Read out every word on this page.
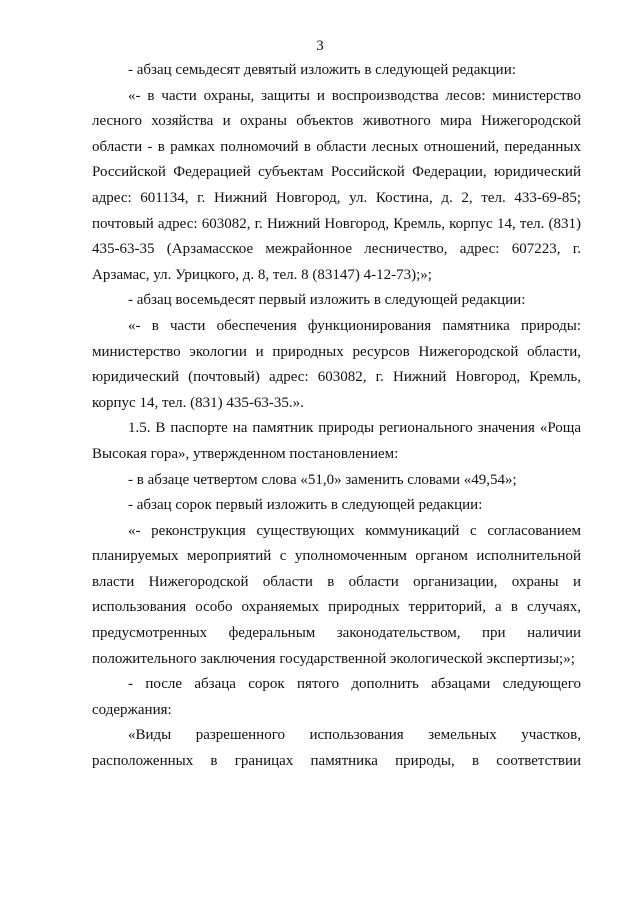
3

- абзац семьдесят девятый изложить в следующей редакции:

«- в части охраны, защиты и воспроизводства лесов: министерство лесного хозяйства и охраны объектов животного мира Нижегородской области - в рамках полномочий в области лесных отношений, переданных Российской Федерацией субъектам Российской Федерации, юридический адрес: 601134, г. Нижний Новгород, ул. Костина, д. 2, тел. 433-69-85; почтовый адрес: 603082, г. Нижний Новгород, Кремль, корпус 14, тел. (831) 435-63-35 (Арзамасское межрайонное лесничество, адрес: 607223, г. Арзамас, ул. Урицкого, д. 8, тел. 8 (83147) 4-12-73);»;

- абзац восемьдесят первый изложить в следующей редакции:

«- в части обеспечения функционирования памятника природы: министерство экологии и природных ресурсов Нижегородской области, юридический (почтовый) адрес: 603082, г. Нижний Новгород, Кремль, корпус 14, тел. (831) 435-63-35.».

1.5. В паспорте на памятник природы регионального значения «Роща Высокая гора», утвержденном постановлением:

- в абзаце четвертом слова «51,0» заменить словами «49,54»;

- абзац сорок первый изложить в следующей редакции:

«- реконструкция существующих коммуникаций с согласованием планируемых мероприятий с уполномоченным органом исполнительной власти Нижегородской области в области организации, охраны и использования особо охраняемых природных территорий, а в случаях, предусмотренных федеральным законодательством, при наличии положительного заключения государственной экологической экспертизы;»;

- после абзаца сорок пятого дополнить абзацами следующего содержания:

«Виды разрешенного использования земельных участков, расположенных в границах памятника природы, в соответствии
